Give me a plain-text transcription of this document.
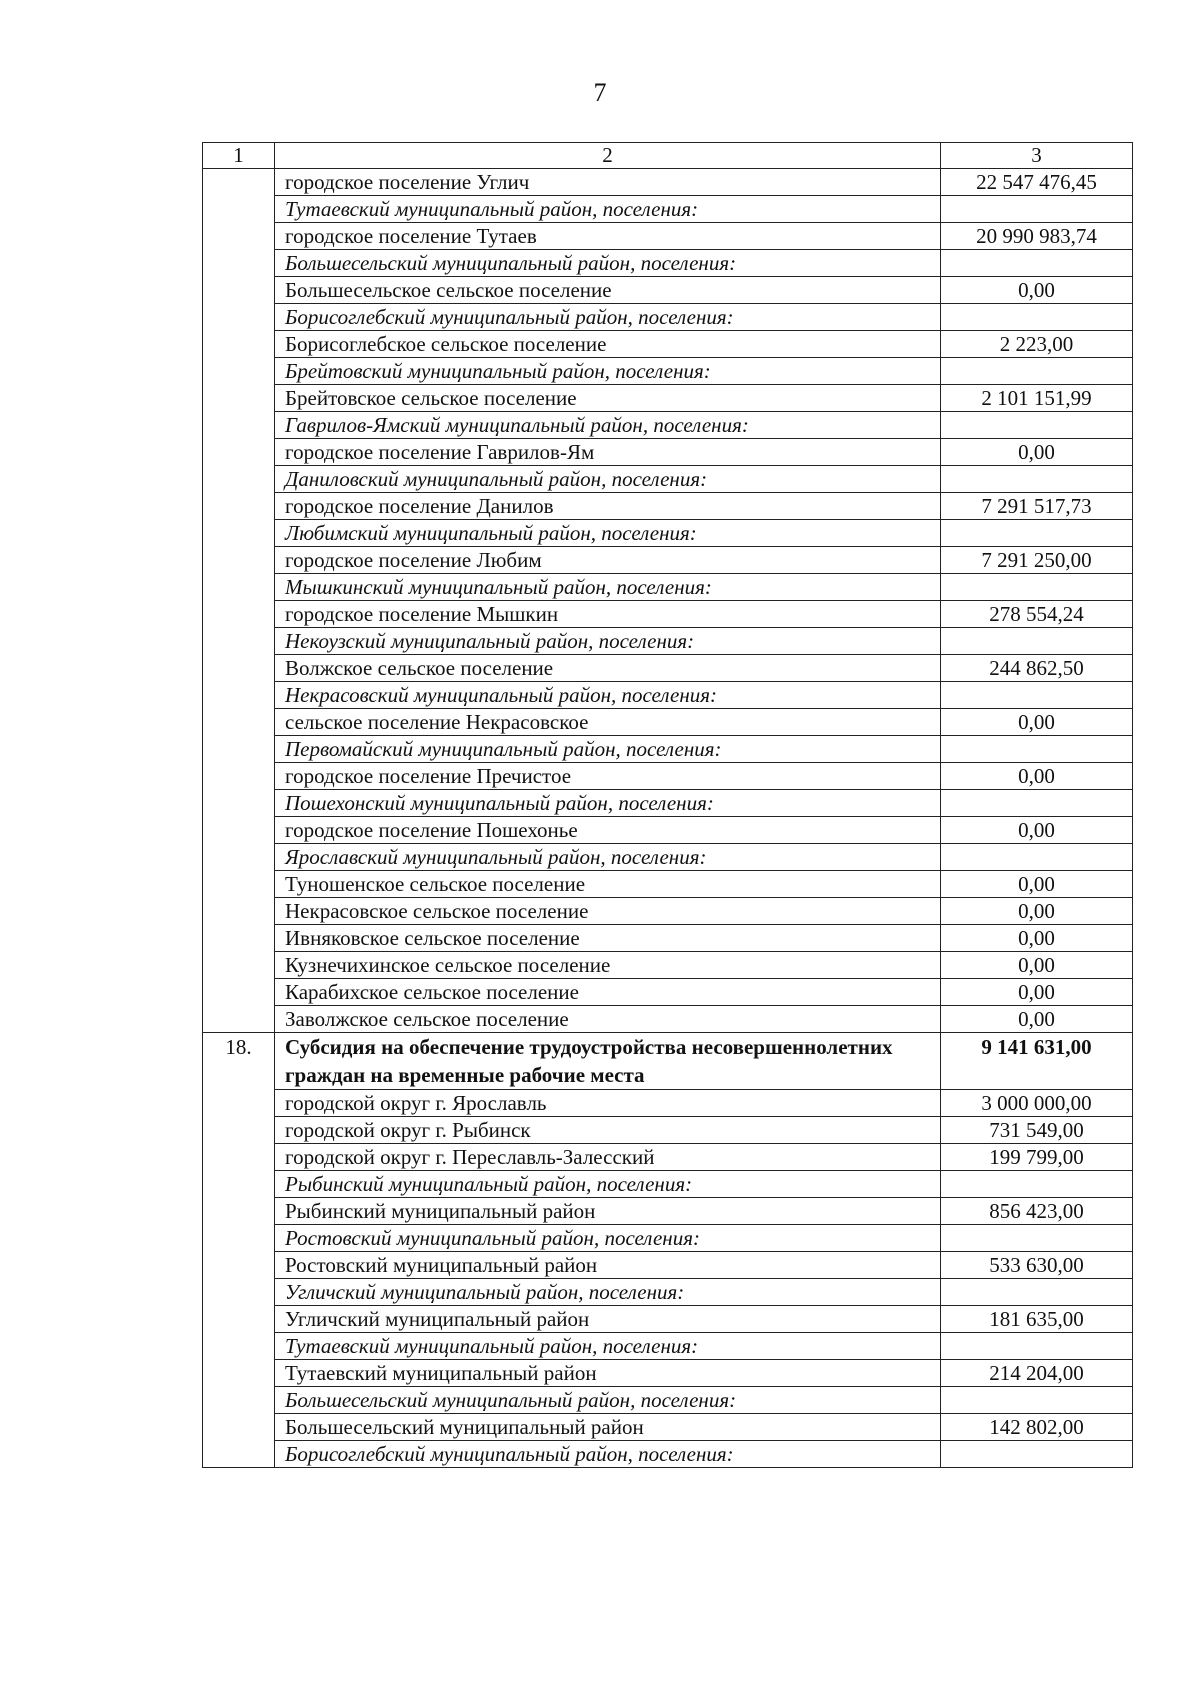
7
1	2	3
	городское поселение Углич	22 547 476,45
	Тутаевский муниципальный район, поселения:	
	городское поселение Тутаев	20 990 983,74
	Большесельский муниципальный район, поселения:	
	Большесельское сельское поселение	0,00
	Борисоглебский муниципальный район, поселения:	
	Борисоглебское сельское поселение	2 223,00
	Брейтовский муниципальный район, поселения:	
	Брейтовское сельское поселение	2 101 151,99
	Гаврилов-Ямский муниципальный район, поселения:	
	городское поселение Гаврилов-Ям	0,00
	Даниловский муниципальный район, поселения:	
	городское поселение Данилов	7 291 517,73
	Любимский муниципальный район, поселения:	
	городское поселение Любим	7 291 250,00
	Мышкинский муниципальный район, поселения:	
	городское поселение Мышкин	278 554,24
	Некоузский муниципальный район, поселения:	
	Волжское сельское поселение	244 862,50
	Некрасовский муниципальный район, поселения:	
	сельское поселение Некрасовское	0,00
	Первомайский муниципальный район, поселения:	
	городское поселение Пречистое	0,00
	Пошехонский муниципальный район, поселения:	
	городское поселение Пошехонье	0,00
	Ярославский муниципальный район, поселения:	
	Туношенское сельское поселение	0,00
	Некрасовское сельское поселение	0,00
	Ивняковское сельское поселение	0,00
	Кузнечихинское сельское поселение	0,00
	Карабихское сельское поселение	0,00
	Заволжское сельское поселение	0,00
18.	Субсидия на обеспечение трудоустройства несовершеннолетних граждан на временные рабочие места	9 141 631,00
	городской округ г. Ярославль	3 000 000,00
	городской округ г. Рыбинск	731 549,00
	городской округ г. Переславль-Залесский	199 799,00
	Рыбинский муниципальный район, поселения:	
	Рыбинский муниципальный район	856 423,00
	Ростовский муниципальный район, поселения:	
	Ростовский муниципальный район	533 630,00
	Угличский муниципальный район, поселения:	
	Угличский муниципальный район	181 635,00
	Тутаевский муниципальный район, поселения:	
	Тутаевский муниципальный район	214 204,00
	Большесельский муниципальный район, поселения:	
	Большесельский муниципальный район	142 802,00
	Борисоглебский муниципальный район, поселения:	
